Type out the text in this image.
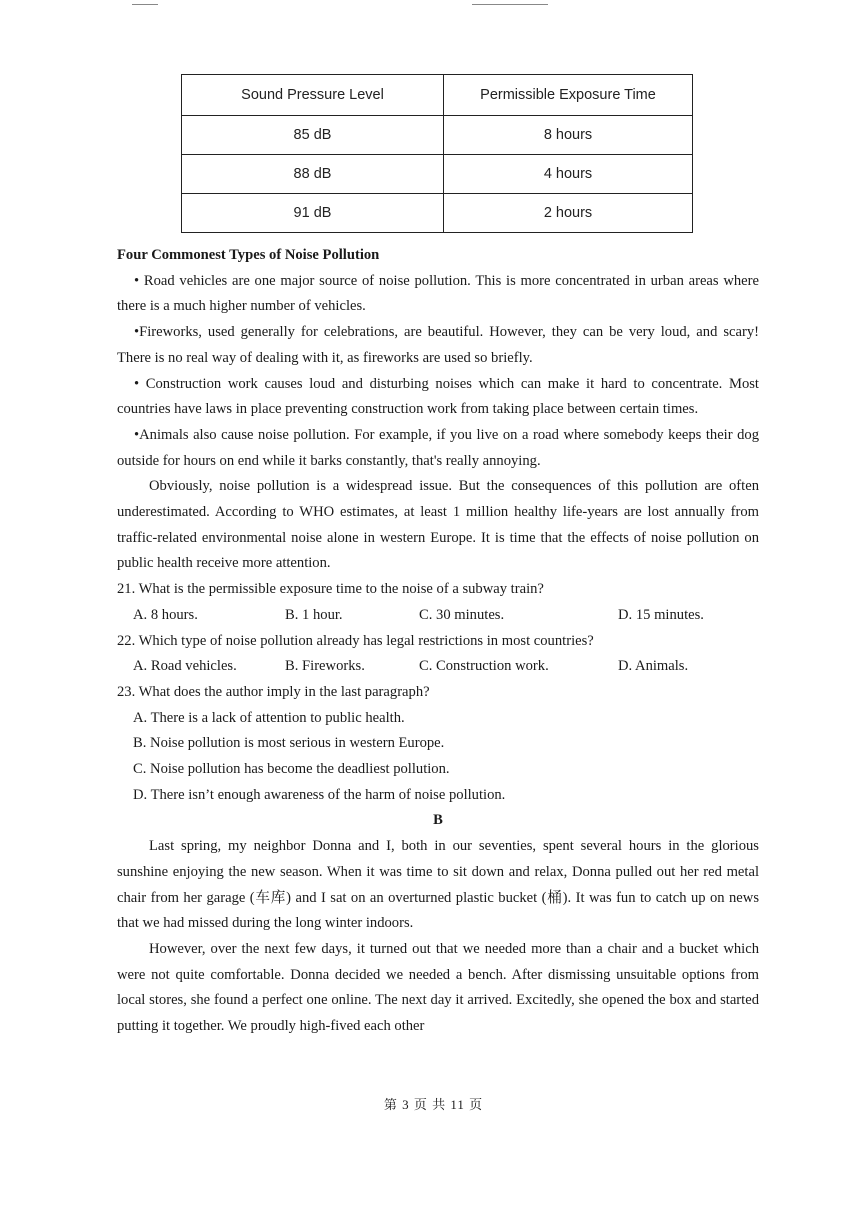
Sound Pressure Level	Permissible Exposure Time
85 dB	8 hours
88 dB	4 hours
91 dB	2 hours

Four Commonest Types of Noise Pollution

• Road vehicles are one major source of noise pollution. This is more concentrated in urban areas where there is a much higher number of vehicles.

•Fireworks, used generally for celebrations, are beautiful. However, they can be very loud, and scary! There is no real way of dealing with it, as fireworks are used so briefly.

• Construction work causes loud and disturbing noises which can make it hard to concentrate. Most countries have laws in place preventing construction work from taking place between certain times.

•Animals also cause noise pollution. For example, if you live on a road where somebody keeps their dog outside for hours on end while it barks constantly, that's really annoying.

Obviously, noise pollution is a widespread issue. But the consequences of this pollution are often underestimated. According to WHO estimates, at least 1 million healthy life-years are lost annually from traffic-related environmental noise alone in western Europe. It is time that the effects of noise pollution on public health receive more attention.

21. What is the permissible exposure time to the noise of a subway train?

A. 8 hours.	B. 1 hour.	C. 30 minutes.	D. 15 minutes.

22. Which type of noise pollution already has legal restrictions in most countries?

A. Road vehicles.	B. Fireworks.	C. Construction work.	D. Animals.

23. What does the author imply in the last paragraph?

A. There is a lack of attention to public health.

B. Noise pollution is most serious in western Europe.

C. Noise pollution has become the deadliest pollution.

D. There isn’t enough awareness of the harm of noise pollution.

B

Last spring, my neighbor Donna and I, both in our seventies, spent several hours in the glorious sunshine enjoying the new season. When it was time to sit down and relax, Donna pulled out her red metal chair from her garage (车库) and I sat on an overturned plastic bucket (桶). It was fun to catch up on news that we had missed during the long winter indoors.

However, over the next few days, it turned out that we needed more than a chair and a bucket which were not quite comfortable. Donna decided we needed a bench. After dismissing unsuitable options from local stores, she found a perfect one online. The next day it arrived. Excitedly, she opened the box and started putting it together. We proudly high-fived each other

第 3 页 共 11 页
